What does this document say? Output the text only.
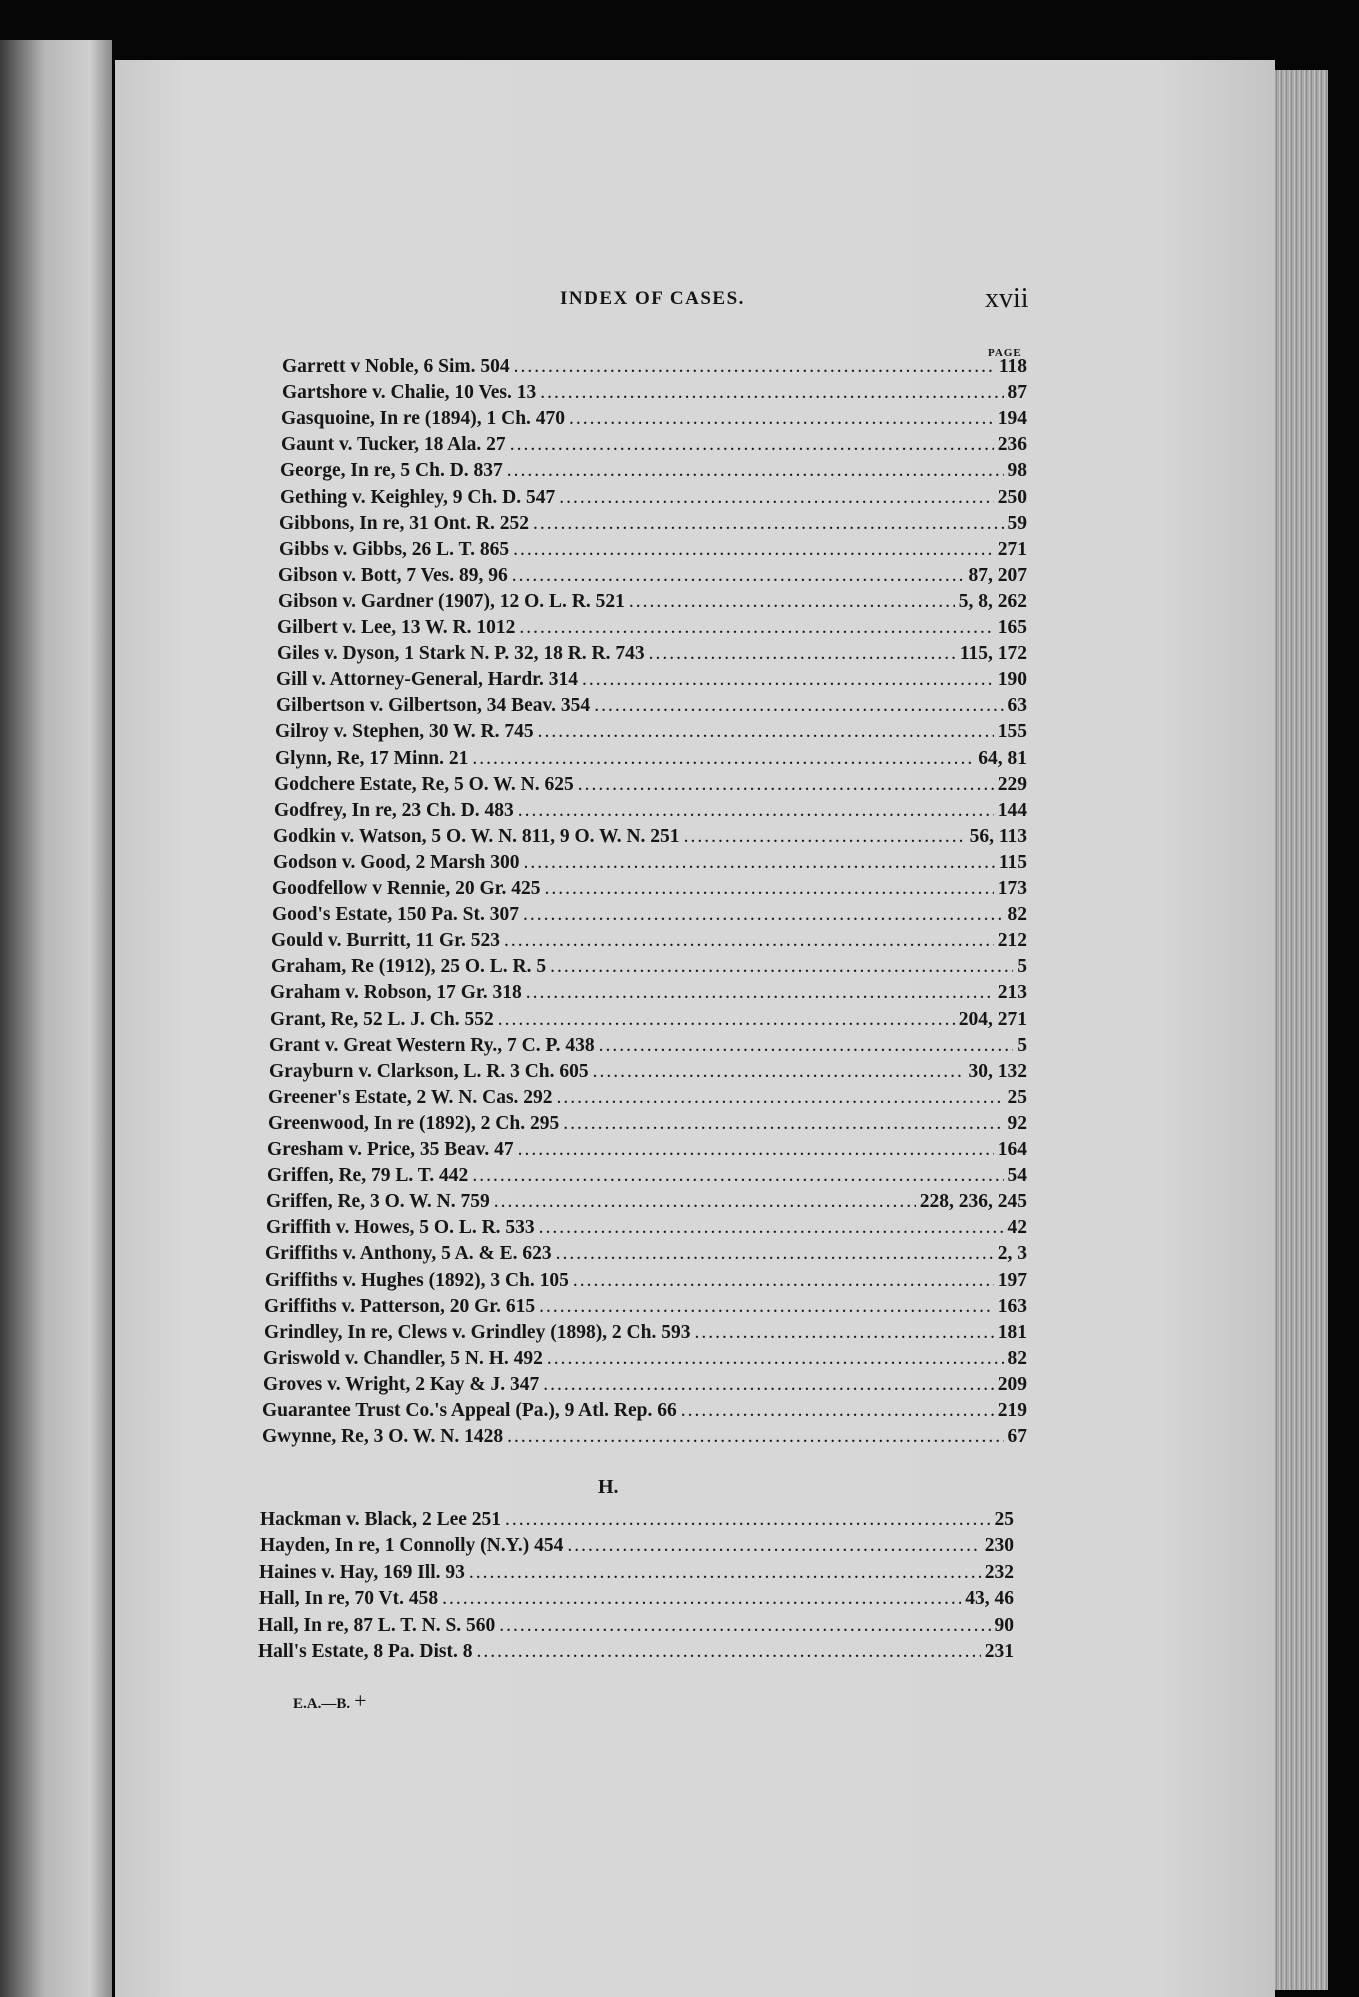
INDEX OF CASES.	xvii
PAGE
Garrett v Noble, 6 Sim. 504 .....	118
Gartshore v. Chalie, 10 Ves. 13 .....	87
Gasquoine, In re (1894), 1 Ch. 470 .....	194
Gaunt v. Tucker, 18 Ala. 27 .....	236
George, In re, 5 Ch. D. 837 .....	98
Gething v. Keighley, 9 Ch. D. 547 .....	250
Gibbons, In re, 31 Ont. R. 252 .....	59
Gibbs v. Gibbs, 26 L. T. 865 .....	271
Gibson v. Bott, 7 Ves. 89, 96 .....	87, 207
Gibson v. Gardner (1907), 12 O. L. R. 521 .....	5, 8, 262
Gilbert v. Lee, 13 W. R. 1012 .....	165
Giles v. Dyson, 1 Stark N. P. 32, 18 R. R. 743 .....	115, 172
Gill v. Attorney-General, Hardr. 314 .....	190
Gilbertson v. Gilbertson, 34 Beav. 354 .....	63
Gilroy v. Stephen, 30 W. R. 745 .....	155
Glynn, Re, 17 Minn. 21 .....	64, 81
Godchere Estate, Re, 5 O. W. N. 625 .....	229
Godfrey, In re, 23 Ch. D. 483 .....	144
Godkin v. Watson, 5 O. W. N. 811, 9 O. W. N. 251 .....	56, 113
Godson v. Good, 2 Marsh 300 .....	115
Goodfellow v Rennie, 20 Gr. 425 .....	173
Good's Estate, 150 Pa. St. 307 .....	82
Gould v. Burritt, 11 Gr. 523 .....	212
Graham, Re (1912), 25 O. L. R. 5 .....	5
Graham v. Robson, 17 Gr. 318 .....	213
Grant, Re, 52 L. J. Ch. 552 .....	204, 271
Grant v. Great Western Ry., 7 C. P. 438 .....	5
Grayburn v. Clarkson, L. R. 3 Ch. 605 .....	30, 132
Greener's Estate, 2 W. N. Cas. 292 .....	25
Greenwood, In re (1892), 2 Ch. 295 .....	92
Gresham v. Price, 35 Beav. 47 .....	164
Griffen, Re, 79 L. T. 442 .....	54
Griffen, Re, 3 O. W. N. 759 .....	228, 236, 245
Griffith v. Howes, 5 O. L. R. 533 .....	42
Griffiths v. Anthony, 5 A. & E. 623 .....	2, 3
Griffiths v. Hughes (1892), 3 Ch. 105 .....	197
Griffiths v. Patterson, 20 Gr. 615 .....	163
Grindley, In re, Clews v. Grindley (1898), 2 Ch. 593 .....	181
Griswold v. Chandler, 5 N. H. 492 .....	82
Groves v. Wright, 2 Kay & J. 347 .....	209
Guarantee Trust Co.'s Appeal (Pa.), 9 Atl. Rep. 66 .....	219
Gwynne, Re, 3 O. W. N. 1428 .....	67
H.
Hackman v. Black, 2 Lee 251 .....	25
Hayden, In re, 1 Connolly (N.Y.) 454 .....	230
Haines v. Hay, 169 Ill. 93 .....	232
Hall, In re, 70 Vt. 458 .....	43, 46
Hall, In re, 87 L. T. N. S. 560 .....	90
Hall's Estate, 8 Pa. Dist. 8 .....	231
E.A.—B. +
